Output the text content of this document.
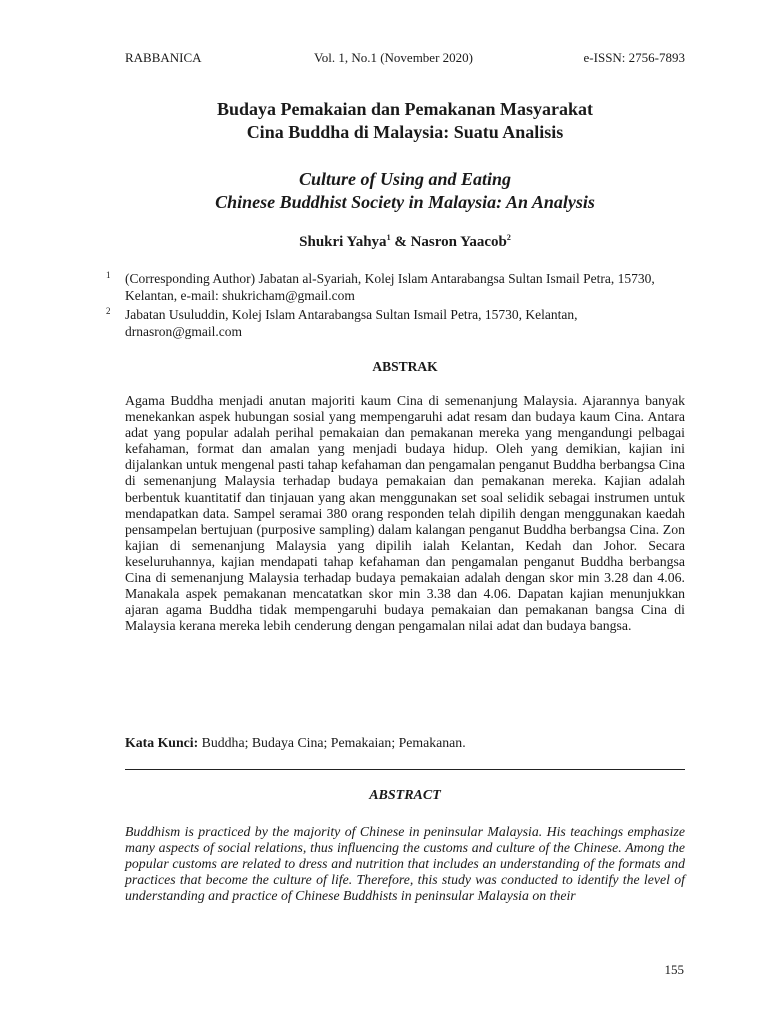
RABBANICA	Vol. 1, No.1 (November 2020)	e-ISSN: 2756-7893
Budaya Pemakaian dan Pemakanan Masyarakat
Cina Buddha di Malaysia: Suatu Analisis
Culture of Using and Eating
Chinese Buddhist Society in Malaysia: An Analysis
Shukri Yahya$^1$ & Nasron Yaacob$^2$
1 (Corresponding Author) Jabatan al-Syariah, Kolej Islam Antarabangsa Sultan Ismail Petra, 15730, Kelantan, e-mail: shukricham@gmail.com
2 Jabatan Usuluddin, Kolej Islam Antarabangsa Sultan Ismail Petra, 15730, Kelantan, drnasron@gmail.com
ABSTRAK
Agama Buddha menjadi anutan majoriti kaum Cina di semenanjung Malaysia. Ajarannya banyak menekankan aspek hubungan sosial yang mempengaruhi adat resam dan budaya kaum Cina. Antara adat yang popular adalah perihal pemakaian dan pemakanan mereka yang mengandungi pelbagai kefahaman, format dan amalan yang menjadi budaya hidup. Oleh yang demikian, kajian ini dijalankan untuk mengenal pasti tahap kefahaman dan pengamalan penganut Buddha berbangsa Cina di semenanjung Malaysia terhadap budaya pemakaian dan pemakanan mereka. Kajian adalah berbentuk kuantitatif dan tinjauan yang akan menggunakan set soal selidik sebagai instrumen untuk mendapatkan data. Sampel seramai 380 orang responden telah dipilih dengan menggunakan kaedah pensampelan bertujuan (purposive sampling) dalam kalangan penganut Buddha berbangsa Cina. Zon kajian di semenanjung Malaysia yang dipilih ialah Kelantan, Kedah dan Johor. Secara keseluruhannya, kajian mendapati tahap kefahaman dan pengamalan penganut Buddha berbangsa Cina di semenanjung Malaysia terhadap budaya pemakaian adalah dengan skor min 3.28 dan 4.06. Manakala aspek pemakanan mencatatkan skor min 3.38 dan 4.06. Dapatan kajian menunjukkan ajaran agama Buddha tidak mempengaruhi budaya pemakaian dan pemakanan bangsa Cina di Malaysia kerana mereka lebih cenderung dengan pengamalan nilai adat dan budaya bangsa.
Kata Kunci: Buddha; Budaya Cina; Pemakaian; Pemakanan.
ABSTRACT
Buddhism is practiced by the majority of Chinese in peninsular Malaysia. His teachings emphasize many aspects of social relations, thus influencing the customs and culture of the Chinese. Among the popular customs are related to dress and nutrition that includes an understanding of the formats and practices that become the culture of life. Therefore, this study was conducted to identify the level of understanding and practice of Chinese Buddhists in peninsular Malaysia on their
155
